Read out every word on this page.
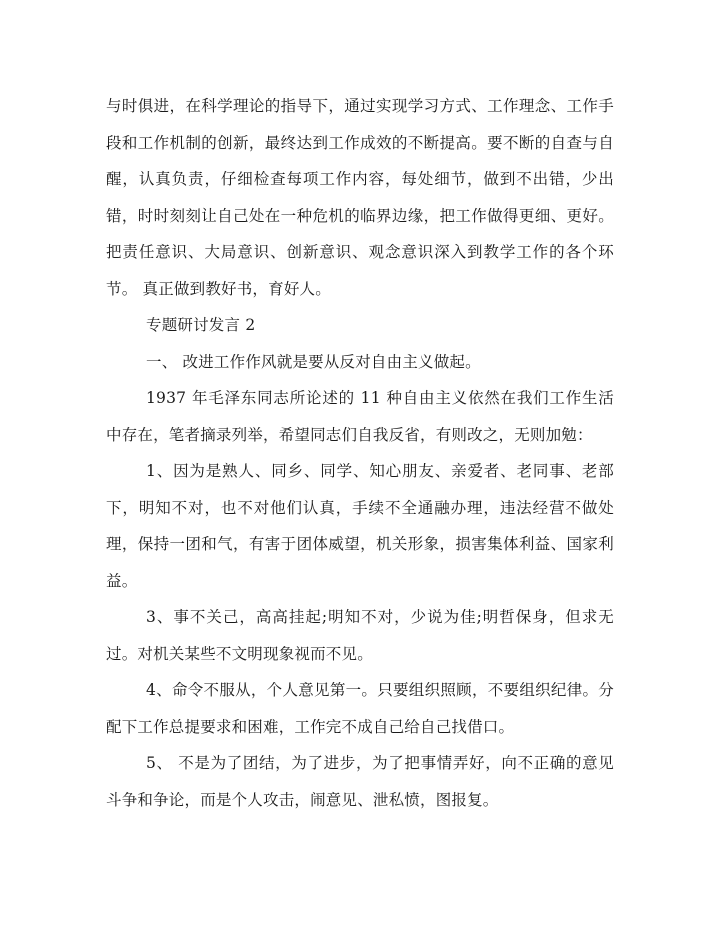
与时俱进，在科学理论的指导下，通过实现学习方式、工作理念、工作手段和工作机制的创新，最终达到工作成效的不断提高。要不断的自查与自醒，认真负责，仔细检查每项工作内容，每处细节，做到不出错，少出错，时时刻刻让自己处在一种危机的临界边缘，把工作做得更细、更好。把责任意识、大局意识、创新意识、观念意识深入到教学工作的各个环节。 真正做到教好书，育好人。

专题研讨发言 2

一、 改进工作作风就是要从反对自由主义做起。

1937 年毛泽东同志所论述的 11 种自由主义依然在我们工作生活中存在，笔者摘录列举，希望同志们自我反省，有则改之，无则加勉：

1、因为是熟人、同乡、同学、知心朋友、亲爱者、老同事、老部下，明知不对，也不对他们认真，手续不全通融办理，违法经营不做处理，保持一团和气，有害于团体威望，机关形象，损害集体利益、国家利益。

3、事不关己，高高挂起;明知不对，少说为佳;明哲保身，但求无过。对机关某些不文明现象视而不见。

4、命令不服从，个人意见第一。只要组织照顾，不要组织纪律。分配下工作总提要求和困难，工作完不成自己给自己找借口。

5、 不是为了团结，为了进步，为了把事情弄好，向不正确的意见斗争和争论，而是个人攻击，闹意见、泄私愤，图报复。
